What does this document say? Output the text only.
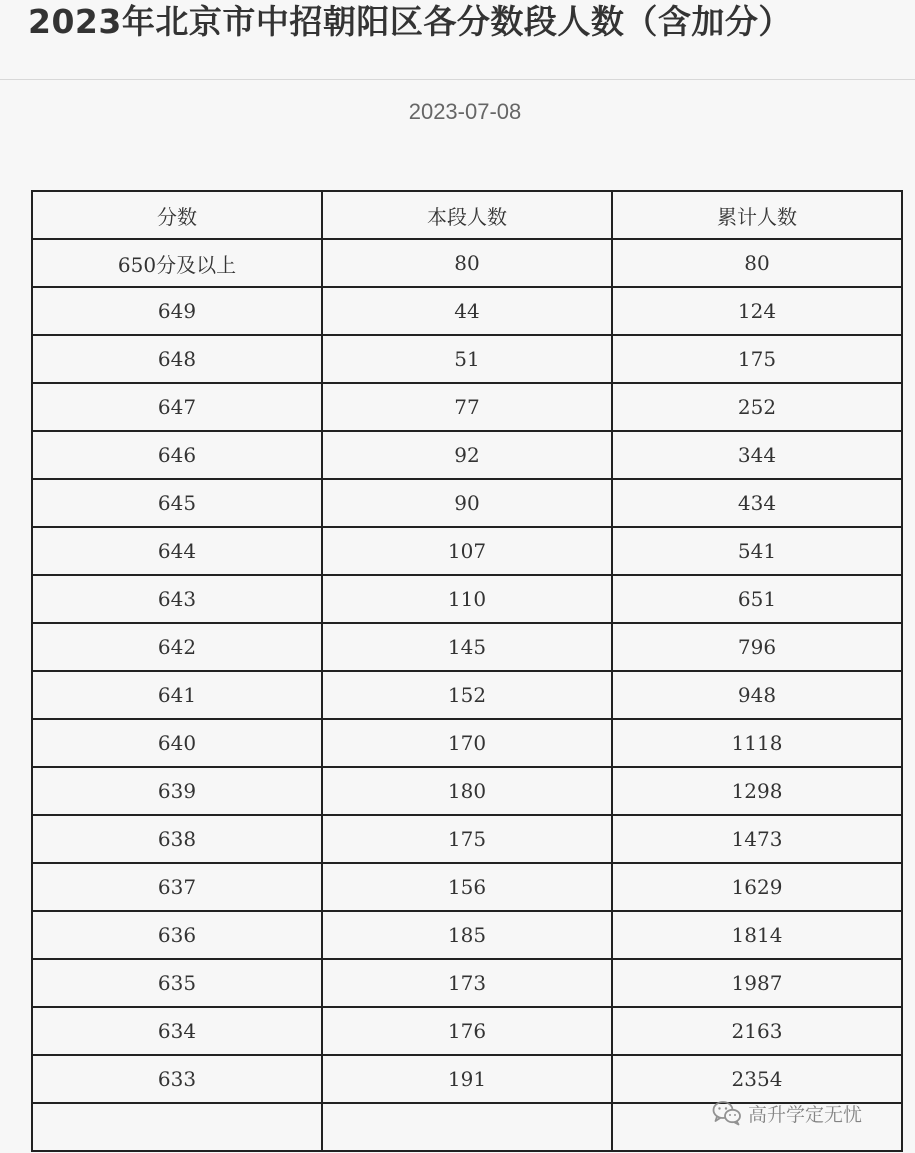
2023年北京市中招朝阳区各分数段人数（含加分）
2023-07-08
分数	本段人数	累计人数
650分及以上	80	80
649	44	124
648	51	175
647	77	252
646	92	344
645	90	434
644	107	541
643	110	651
642	145	796
641	152	948
640	170	1118
639	180	1298
638	175	1473
637	156	1629
636	185	1814
635	173	1987
634	176	2163
633	191	2354

高升学定无忧
